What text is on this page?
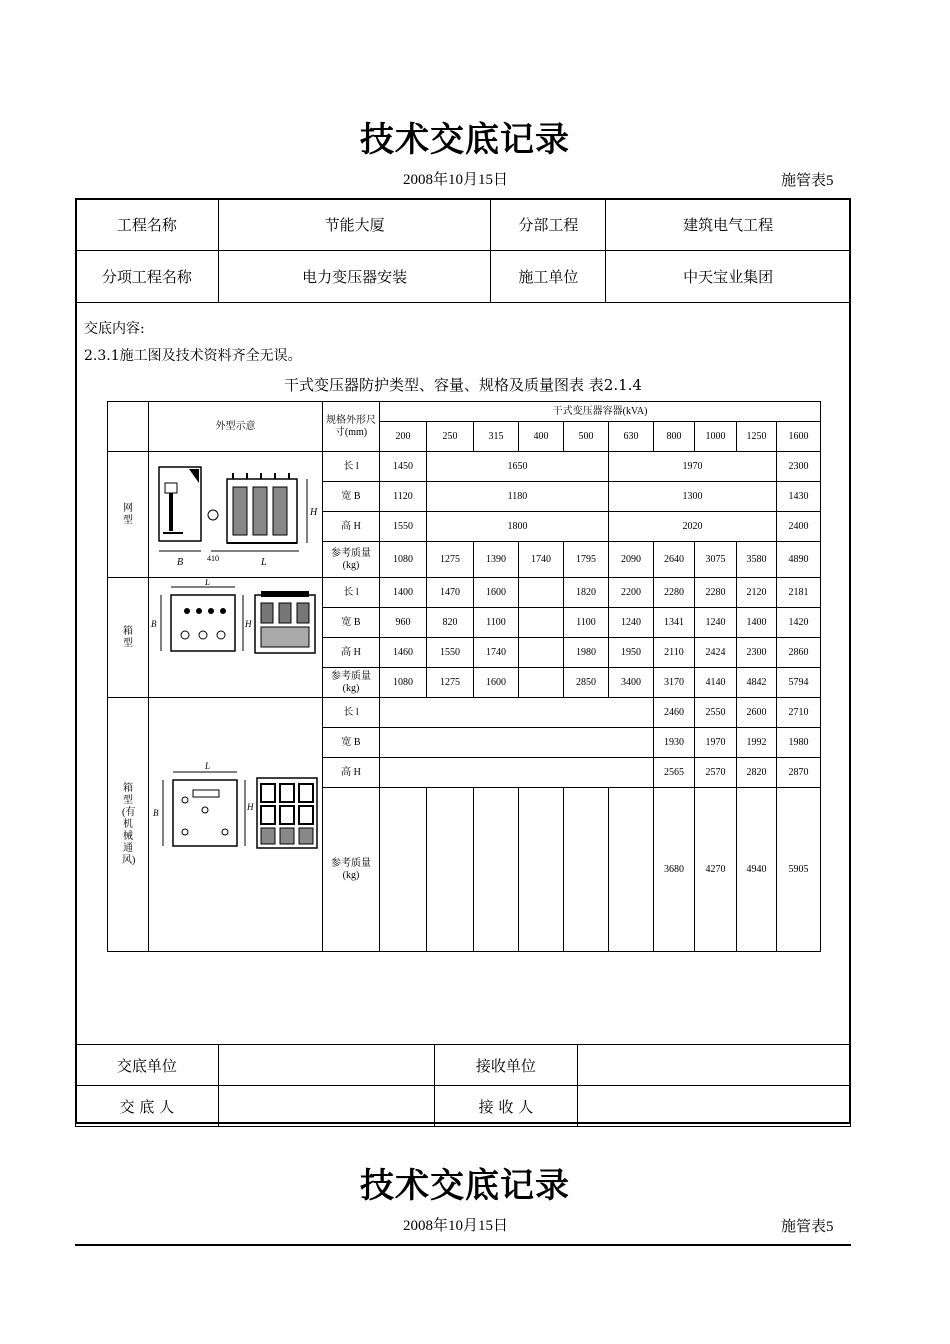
技术交底记录
2008年10月15日	施管表5
工程名称	节能大厦	分部工程	建筑电气工程
分项工程名称	电力变压器安装	施工单位	中天宝业集团
交底内容:
2.3.1施工图及技术资料齐全无误。
干式变压器防护类型、容量、规格及质量图表 表2.1.4
	外型示意	规格外形尺寸(mm)	干式变压器容器(kVA)									
			200	250	315	400	500	630	800	1000	1250	1600
网型	B
H
410 L	长 l	1450	1650				1970				2300
		宽 B	1120	1180				1300				1430
		高 H	1550	1800				2020				2400
		参考质量(kg)	1080	1275	1390	1740	1795	2090	2640	3075	3580	4890
箱型	L
B H	长 l	1400	1470	1600		1820	2200	2280	2280	2120	2181
		宽 B	960	820	1100		1100	1240	1341	1240	1400	1420
		高 H	1460	1550	1740		1980	1950	2110	2424	2300	2860
		参考质量(kg)	1080	1275	1600		2850	3400	3170	4140	4842	5794
箱型(有机械通风)	L
B
H	长 l							2460	2550	2600	2710
		宽 B							1930	1970	1992	1980
		高 H							2565	2570	2820	2870
		参考质量(kg)							3680	4270	4940	5905
交底单位		接收单位	
交 底 人		接 收 人	
技术交底记录
2008年10月15日	施管表5
